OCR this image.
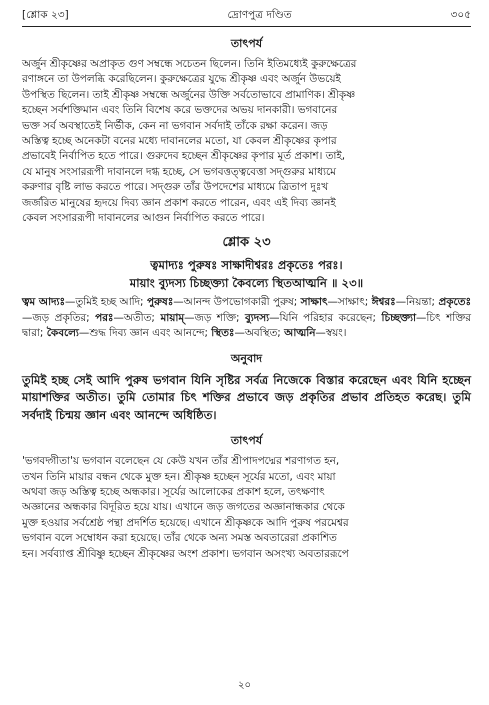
[শ্লোক ২৩]	দ্রোণপুত্র দণ্ডিত	৩০৫
তাৎপর্য

অর্জুন শ্রীকৃষ্ণের অপ্রাকৃত গুণ সম্বন্ধে সচেতন ছিলেন। তিনি ইতিমধ্যেই কুরুক্ষেত্রের

রণাঙ্গনে তা উপলব্ধি করেছিলেন। কুরুক্ষেত্রের যুদ্ধে শ্রীকৃষ্ণ এবং অর্জুন উভয়েই

উপস্থিত ছিলেন। তাই শ্রীকৃষ্ণ সম্বন্ধে অর্জুনের উক্তি সর্বতোভাবে প্রামাণিক। শ্রীকৃষ্ণ

হচ্ছেন সর্বশক্তিমান এবং তিনি বিশেষ করে ভক্তদের অভয় দানকারী। ভগবানের

ভক্ত সর্ব অবস্থাতেই নির্ভীক, কেন না ভগবান সর্বদাই তাঁকে রক্ষা করেন। জড়

অস্তিত্ব হচ্ছে অনেকটা বনের মধ্যে দাবানলের মতো, যা কেবল শ্রীকৃষ্ণের কৃপার

প্রভাবেই নির্বাপিত হতে পারে। গুরুদেব হচ্ছেন শ্রীকৃষ্ণের কৃপার মূর্ত প্রকাশ। তাই,

যে মানুষ সংসাররূপী দাবানলে দগ্ধ হচ্ছে, সে ভগবত্তত্ত্ববেত্তা সদ্গুরুর মাধ্যমে

করুণার বৃষ্টি লাভ করতে পারে। সদ্গুরু তাঁর উপদেশের মাধ্যমে ত্রিতাপ দুঃখ

জর্জরিত মানুষের হৃদয়ে দিব্য জ্ঞান প্রকাশ করতে পারেন, এবং এই দিব্য জ্ঞানই

কেবল সংসাররূপী দাবানলের আগুন নির্বাপিত করতে পারে।

শ্লোক ২৩
ত্বমাদ্যঃ পুরুষঃ সাক্ষাদীশ্বরঃ প্রকৃতেঃ পরঃ।
মায়াং ব্যুদস্য চিচ্ছক্ত্যা কৈবল্যে স্থিতআত্মনি ॥ ২৩॥
ত্বম আদ্যঃ—তুমিই হচ্ছ আদি; পুরুষঃ—আনন্দ উপভোগকারী পুরুষ; সাক্ষাৎ—সাক্ষাৎ; ঈশ্বরঃ—নিয়ন্তা; প্রকৃতেঃ—জড় প্রকৃতির; পরঃ—অতীত; মায়াম্—জড় শক্তি; ব্যুদস্য—যিনি পরিহার করেছেন; চিচ্ছক্ত্যা—চিৎ শক্তির দ্বারা; কৈবল্যে—শুদ্ধ দিব্য জ্ঞান এবং আনন্দে; স্থিতঃ—অবস্থিত; আত্মনি—স্বয়ং।
অনুবাদ
তুমিই হচ্ছ সেই আদি পুরুষ ভগবান যিনি সৃষ্টির সর্বত্র নিজেকে বিস্তার করেছেন এবং যিনি হচ্ছেন মায়াশক্তির অতীত। তুমি তোমার চিৎ শক্তির প্রভাবে জড় প্রকৃতির প্রভাব প্রতিহত করেছ। তুমি সর্বদাই চিন্ময় জ্ঞান এবং আনন্দে অধিষ্ঠিত।
তাৎপর্য

'ভগবদ্গীতা'য় ভগবান বলেছেন যে কেউ যখন তাঁর শ্রীপাদপদ্মের শরণাগত হন,

তখন তিনি মায়ার বন্ধন থেকে মুক্ত হন। শ্রীকৃষ্ণ হচ্ছেন সূর্যের মতো, এবং মায়া

অথবা জড় অস্তিত্ব হচ্ছে অন্ধকার। সূর্যের আলোকের প্রকাশ হলে, তৎক্ষণাৎ

অজ্ঞানের অন্ধকার বিদূরিত হয়ে যায়। এখানে জড় জগতের অজ্ঞানান্ধকার থেকে

মুক্ত হওয়ার সর্বশ্রেষ্ঠ পন্থা প্রদর্শিত হয়েছে। এখানে শ্রীকৃষ্ণকে আদি পুরুষ পরমেশ্বর

ভগবান বলে সম্বোধন করা হয়েছে। তাঁর থেকে অন্য সমস্ত অবতারেরা প্রকাশিত

হন। সর্বব্যাপ্ত শ্রীবিষ্ণু হচ্ছেন শ্রীকৃষ্ণের অংশ প্রকাশ। ভগবান অসংখ্য অবতাররূপে

২০
